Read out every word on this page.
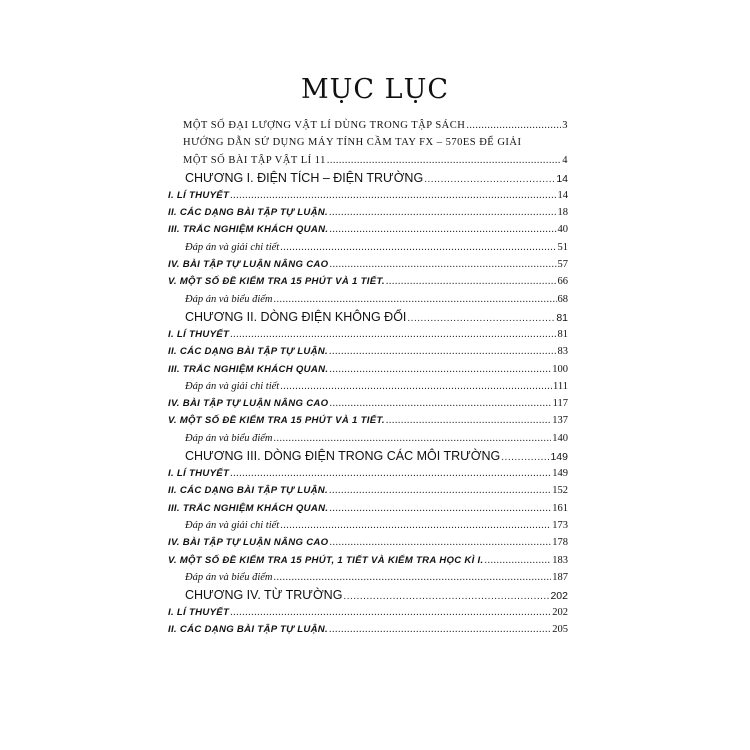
MỤC LỤC
MỘT SỐ ĐẠI LƯỢNG VẬT LÍ DÙNG TRONG TẬP SÁCH .....	3
HƯỚNG DẪN SỬ DỤNG MÁY TÍNH CẦM TAY FX – 570ES ĐỂ GIẢI
MỘT SỐ BÀI TẬP VẬT LÍ 11 .....	4
CHƯƠNG I. ĐIỆN TÍCH – ĐIỆN TRƯỜNG .....	14
I. LÍ THUYẾT .....	14
II. CÁC DẠNG BÀI TẬP TỰ LUẬN. .....	18
III. TRẮC NGHIỆM KHÁCH QUAN. .....	40
Đáp án và giải chi tiết .....	51
IV. BÀI TẬP TỰ LUẬN NÂNG CAO .....	57
V. MỘT SỐ ĐỀ KIỂM TRA 15 PHÚT VÀ 1 TIẾT. .....	66
Đáp án và biểu điểm .....	68
CHƯƠNG II. DÒNG ĐIỆN KHÔNG ĐỔI .....	81
I. LÍ THUYẾT .....	81
II. CÁC DẠNG BÀI TẬP TỰ LUẬN. .....	83
III. TRẮC NGHIỆM KHÁCH QUAN. .....	100
Đáp án và giải chi tiết .....	111
IV. BÀI TẬP TỰ LUẬN NÂNG CAO .....	117
V. MỘT SỐ ĐỀ KIỂM TRA 15 PHÚT VÀ 1 TIẾT. .....	137
Đáp án và biểu điểm .....	140
CHƯƠNG III. DÒNG ĐIỆN TRONG CÁC MÔI TRƯỜNG .....	149
I. LÍ THUYẾT .....	149
II. CÁC DẠNG BÀI TẬP TỰ LUẬN. .....	152
III. TRẮC NGHIỆM KHÁCH QUAN. .....	161
Đáp án và giải chi tiết .....	173
IV. BÀI TẬP TỰ LUẬN NÂNG CAO .....	178
V. MỘT SỐ ĐỀ KIỂM TRA 15 PHÚT, 1 TIẾT VÀ KIỂM TRA HỌC KÌ I. .....	183
Đáp án và biểu điểm .....	187
CHƯƠNG IV. TỪ TRƯỜNG .....	202
I. LÍ THUYẾT .....	202
II. CÁC DẠNG BÀI TẬP TỰ LUẬN. .....	205
